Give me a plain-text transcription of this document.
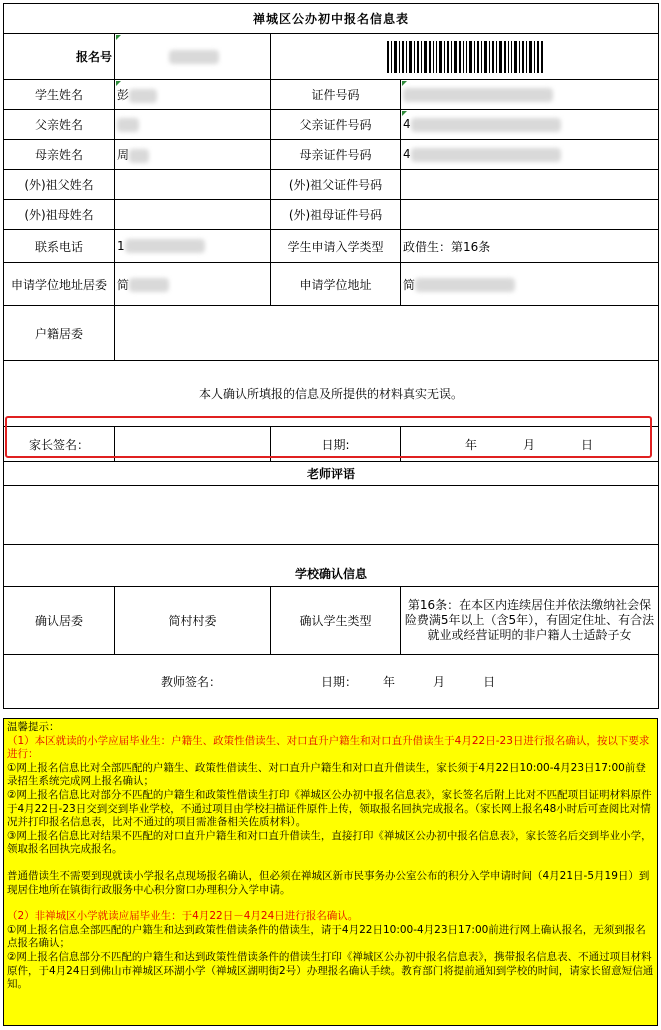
禅城区公办初中报名信息表			
报名号		
学生姓名	彭	证件号码	
父亲姓名		父亲证件号码	4
母亲姓名	周	母亲证件号码	4
(外)祖父姓名		(外)祖父证件号码	
(外)祖母姓名		(外)祖母证件号码	
联系电话	1	学生申请入学类型	政借生：第16条
申请学位地址居委	简	申请学位地址	简
户籍居委			
本人确认所填报的信息及所提供的材料真实无误。			
家长签名：		日期:	年 月 日
老师评语			

学校确认信息			
确认居委	简村村委	确认学生类型	第16条：在本区内连续居住并依法缴纳社会保险费满5年以上（含5年），有固定住址、有合法就业或经营证明的非户籍人士适龄子女
教师签名： 日期： 年 月 日			

温馨提示：

（1）本区就读的小学应届毕业生：户籍生、政策性借读生、对口直升户籍生和对口直升借读生于4月22日-23日进行报名确认，按以下要求进行：

①网上报名信息比对全部匹配的户籍生、政策性借读生、对口直升户籍生和对口直升借读生，家长须于4月22日10:00-4月23日17:00前登录招生系统完成网上报名确认；

②网上报名信息比对部分不匹配的户籍生和政策性借读生打印《禅城区公办初中报名信息表》，家长签名后附上比对不匹配项目证明材料原件于4月22日-23日交到交到毕业学校，不通过项目由学校扫描证件原件上传，领取报名回执完成报名。（家长网上报名48小时后可查阅比对情况并打印报名信息表，比对不通过的项目需准备相关佐质材料）。

③网上报名信息比对结果不匹配的对口直升户籍生和对口直升借读生，直接打印《禅城区公办初中报名信息表》，家长签名后交到毕业小学，领取报名回执完成报名。

普通借读生不需要到现就读小学报名点现场报名确认，但必须在禅城区新市民事务办公室公布的积分入学申请时间（4月21日-5月19日）到现居住地所在镇街行政服务中心积分窗口办理积分入学申请。

（2）非禅城区小学就读应届毕业生：于4月22日－4月24日进行报名确认。

①网上报名信息全部匹配的户籍生和达到政策性借读条件的借读生，请于4月22日10:00-4月23日17:00前进行网上确认报名，无须到报名点报名确认；

②网上报名信息部分不匹配的户籍生和达到政策性借读条件的借读生打印《禅城区公办初中报名信息表》，携带报名信息表、不通过项目材料原件，于4月24日到佛山市禅城区环湖小学（禅城区湖明街2号）办理报名确认手续。教育部门将提前通知到学校的时间，请家长留意短信通知。
